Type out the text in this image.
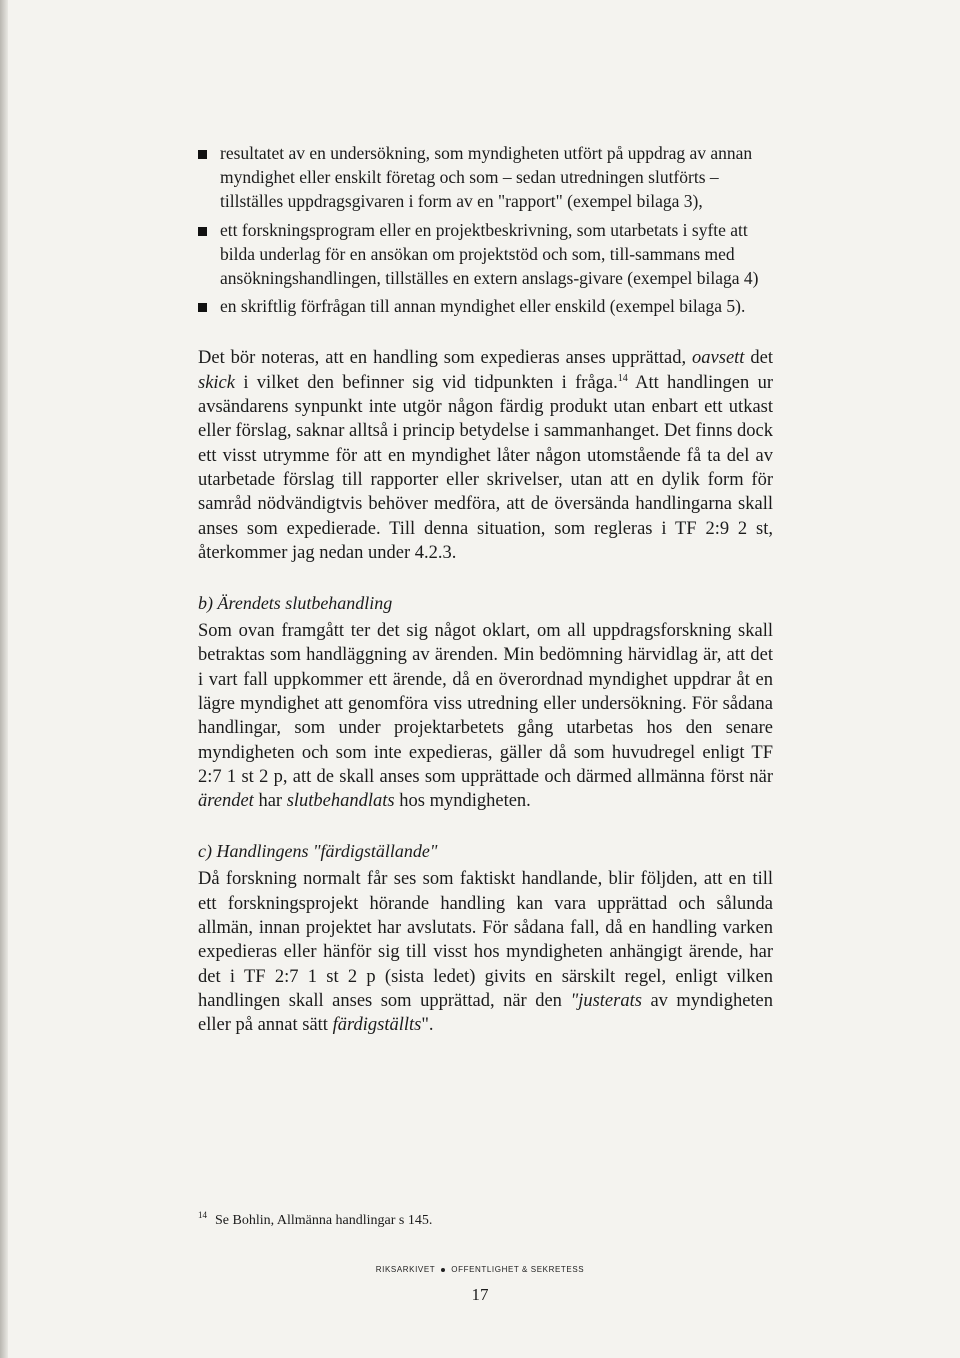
resultatet av en undersökning, som myndigheten utfört på uppdrag av annan myndighet eller enskilt företag och som – sedan utredningen slutförts – tillställes uppdragsgivaren i form av en "rapport" (exempel bilaga 3),
ett forskningsprogram eller en projektbeskrivning, som utarbetats i syfte att bilda underlag för en ansökan om projektstöd och som, till-sammans med ansökningshandlingen, tillställes en extern anslags-givare (exempel bilaga 4)
en skriftlig förfrågan till annan myndighet eller enskild (exempel bilaga 5).

Det bör noteras, att en handling som expedieras anses upprättad, oavsett det skick i vilket den befinner sig vid tidpunkten i fråga.$^{14}$ Att handlingen ur avsändarens synpunkt inte utgör någon färdig produkt utan enbart ett utkast eller förslag, saknar alltså i princip betydelse i sammanhanget. Det finns dock ett visst utrymme för att en myndighet låter någon utomstående få ta del av utarbetade förslag till rapporter eller skrivelser, utan att en dylik form för samråd nödvändigtvis behöver medföra, att de översända handlingarna skall anses som expedierade. Till denna situation, som regleras i TF 2:9 2 st, återkommer jag nedan under 4.2.3.

b) Ärendets slutbehandling

Som ovan framgått ter det sig något oklart, om all uppdragsforskning skall betraktas som handläggning av ärenden. Min bedömning härvidlag är, att det i vart fall uppkommer ett ärende, då en överordnad myndighet uppdrar åt en lägre myndighet att genomföra viss utredning eller undersökning. För sådana handlingar, som under projektarbetets gång utarbetas hos den senare myndigheten och som inte expedieras, gäller då som huvudregel enligt TF 2:7 1 st 2 p, att de skall anses som upprättade och därmed allmänna först när ärendet har slutbehandlats hos myndigheten.

c) Handlingens "färdigställande"

Då forskning normalt får ses som faktiskt handlande, blir följden, att en till ett forskningsprojekt hörande handling kan vara upprättad och sålunda allmän, innan projektet har avslutats. För sådana fall, då en handling varken expedieras eller hänför sig till visst hos myndigheten anhängigt ärende, har det i TF 2:7 1 st 2 p (sista ledet) givits en särskilt regel, enligt vilken handlingen skall anses som upprättad, när den "justerats av myndigheten eller på annat sätt färdigställts".

$^{14}$ Se Bohlin, Allmänna handlingar s 145.
RIKSARKIVET OFFENTLIGHET & SEKRETESS
17
